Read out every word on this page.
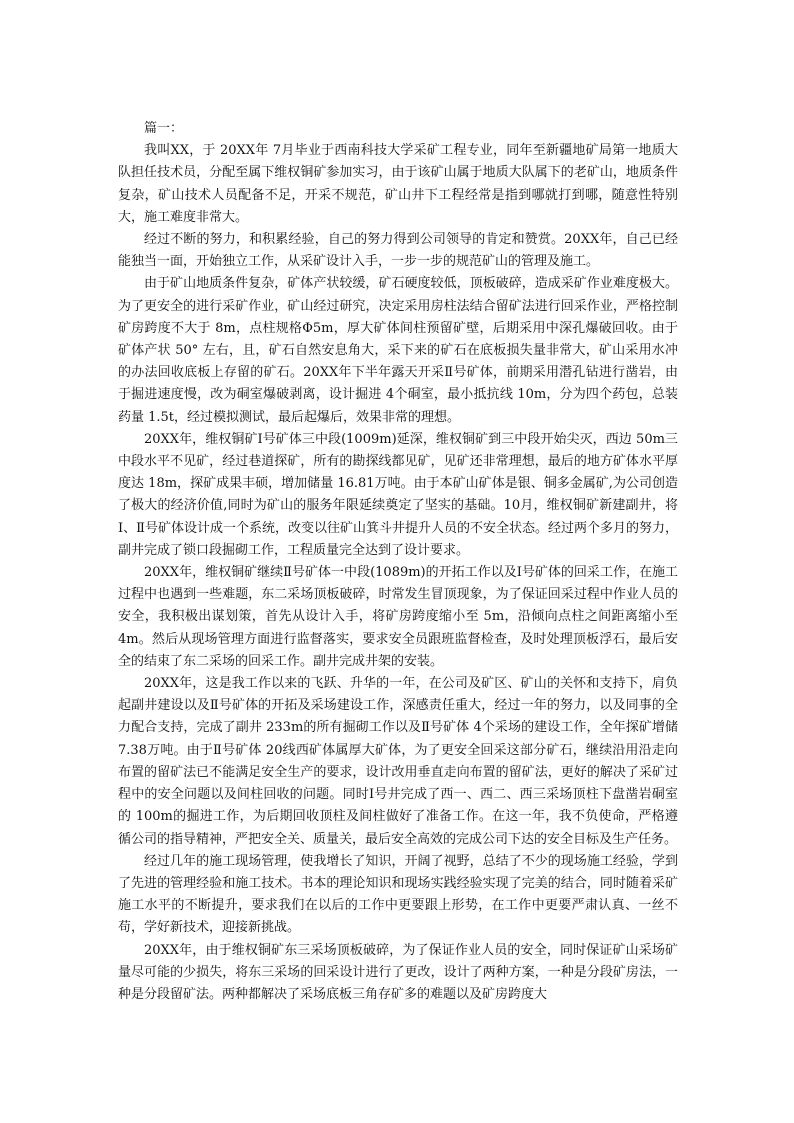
篇一：

我叫XX，于 20XX年 7月毕业于西南科技大学采矿工程专业，同年至新疆地矿局第一地质大队担任技术员，分配至属下维权铜矿参加实习，由于该矿山属于地质大队属下的老矿山，地质条件复杂，矿山技术人员配备不足，开采不规范，矿山井下工程经常是指到哪就打到哪，随意性特别大，施工难度非常大。

经过不断的努力，和积累经验，自己的努力得到公司领导的肯定和赞赏。20XX年，自己已经能独当一面，开始独立工作，从采矿设计入手，一步一步的规范矿山的管理及施工。

由于矿山地质条件复杂，矿体产状较缓，矿石硬度较低，顶板破碎，造成采矿作业难度极大。为了更安全的进行采矿作业，矿山经过研究，决定采用房柱法结合留矿法进行回采作业，严格控制矿房跨度不大于 8m，点柱规格Φ5m，厚大矿体间柱预留矿壁，后期采用中深孔爆破回收。由于矿体产状 50° 左右，且，矿石自然安息角大，采下来的矿石在底板损失量非常大，矿山采用水冲的办法回收底板上存留的矿石。20XX年下半年露天开采Ⅱ号矿体，前期采用潜孔钻进行凿岩，由于掘进速度慢，改为硐室爆破剥离，设计掘进 4个硐室，最小抵抗线 10m，分为四个药包，总装药量 1.5t，经过模拟测试，最后起爆后，效果非常的理想。

20XX年，维权铜矿Ⅰ号矿体三中段(1009m)延深，维权铜矿到三中段开始尖灭，西边 50m三中段水平不见矿，经过巷道探矿，所有的勘探线都见矿，见矿还非常理想，最后的地方矿体水平厚度达 18m，探矿成果丰硕，增加储量 16.81万吨。由于本矿山矿体是银、铜多金属矿,为公司创造了极大的经济价值,同时为矿山的服务年限延续奠定了坚实的基础。10月，维权铜矿新建副井，将Ⅰ、Ⅱ号矿体设计成一个系统，改变以往矿山箕斗井提升人员的不安全状态。经过两个多月的努力，副井完成了锁口段掘砌工作，工程质量完全达到了设计要求。

20XX年，维权铜矿继续Ⅱ号矿体一中段(1089m)的开拓工作以及Ⅰ号矿体的回采工作，在施工过程中也遇到一些难题，东二采场顶板破碎，时常发生冒顶现象，为了保证回采过程中作业人员的安全，我积极出谋划策，首先从设计入手，将矿房跨度缩小至 5m，沿倾向点柱之间距离缩小至 4m。然后从现场管理方面进行监督落实，要求安全员跟班监督检查，及时处理顶板浮石，最后安全的结束了东二采场的回采工作。副井完成井架的安装。

20XX年，这是我工作以来的飞跃、升华的一年，在公司及矿区、矿山的关怀和支持下，肩负起副井建设以及Ⅱ号矿体的开拓及采场建设工作，深感责任重大，经过一年的努力，以及同事的全力配合支持，完成了副井 233m的所有掘砌工作以及Ⅱ号矿体 4个采场的建设工作，全年探矿增储 7.38万吨。由于Ⅱ号矿体 20线西矿体属厚大矿体，为了更安全回采这部分矿石，继续沿用沿走向布置的留矿法已不能满足安全生产的要求，设计改用垂直走向布置的留矿法，更好的解决了采矿过程中的安全问题以及间柱回收的问题。同时Ⅰ号井完成了西一、西二、西三采场顶柱下盘凿岩硐室的 100m的掘进工作，为后期回收顶柱及间柱做好了准备工作。在这一年，我不负使命，严格遵循公司的指导精神，严把安全关、质量关，最后安全高效的完成公司下达的安全目标及生产任务。

经过几年的施工现场管理，使我增长了知识，开阔了视野，总结了不少的现场施工经验，学到了先进的管理经验和施工技术。书本的理论知识和现场实践经验实现了完美的结合，同时随着采矿施工水平的不断提升，要求我们在以后的工作中更要跟上形势，在工作中更要严肃认真、一丝不苟，学好新技术，迎接新挑战。

20XX年，由于维权铜矿东三采场顶板破碎，为了保证作业人员的安全，同时保证矿山采场矿量尽可能的少损失，将东三采场的回采设计进行了更改，设计了两种方案，一种是分段矿房法，一种是分段留矿法。两种都解决了采场底板三角存矿多的难题以及矿房跨度大
